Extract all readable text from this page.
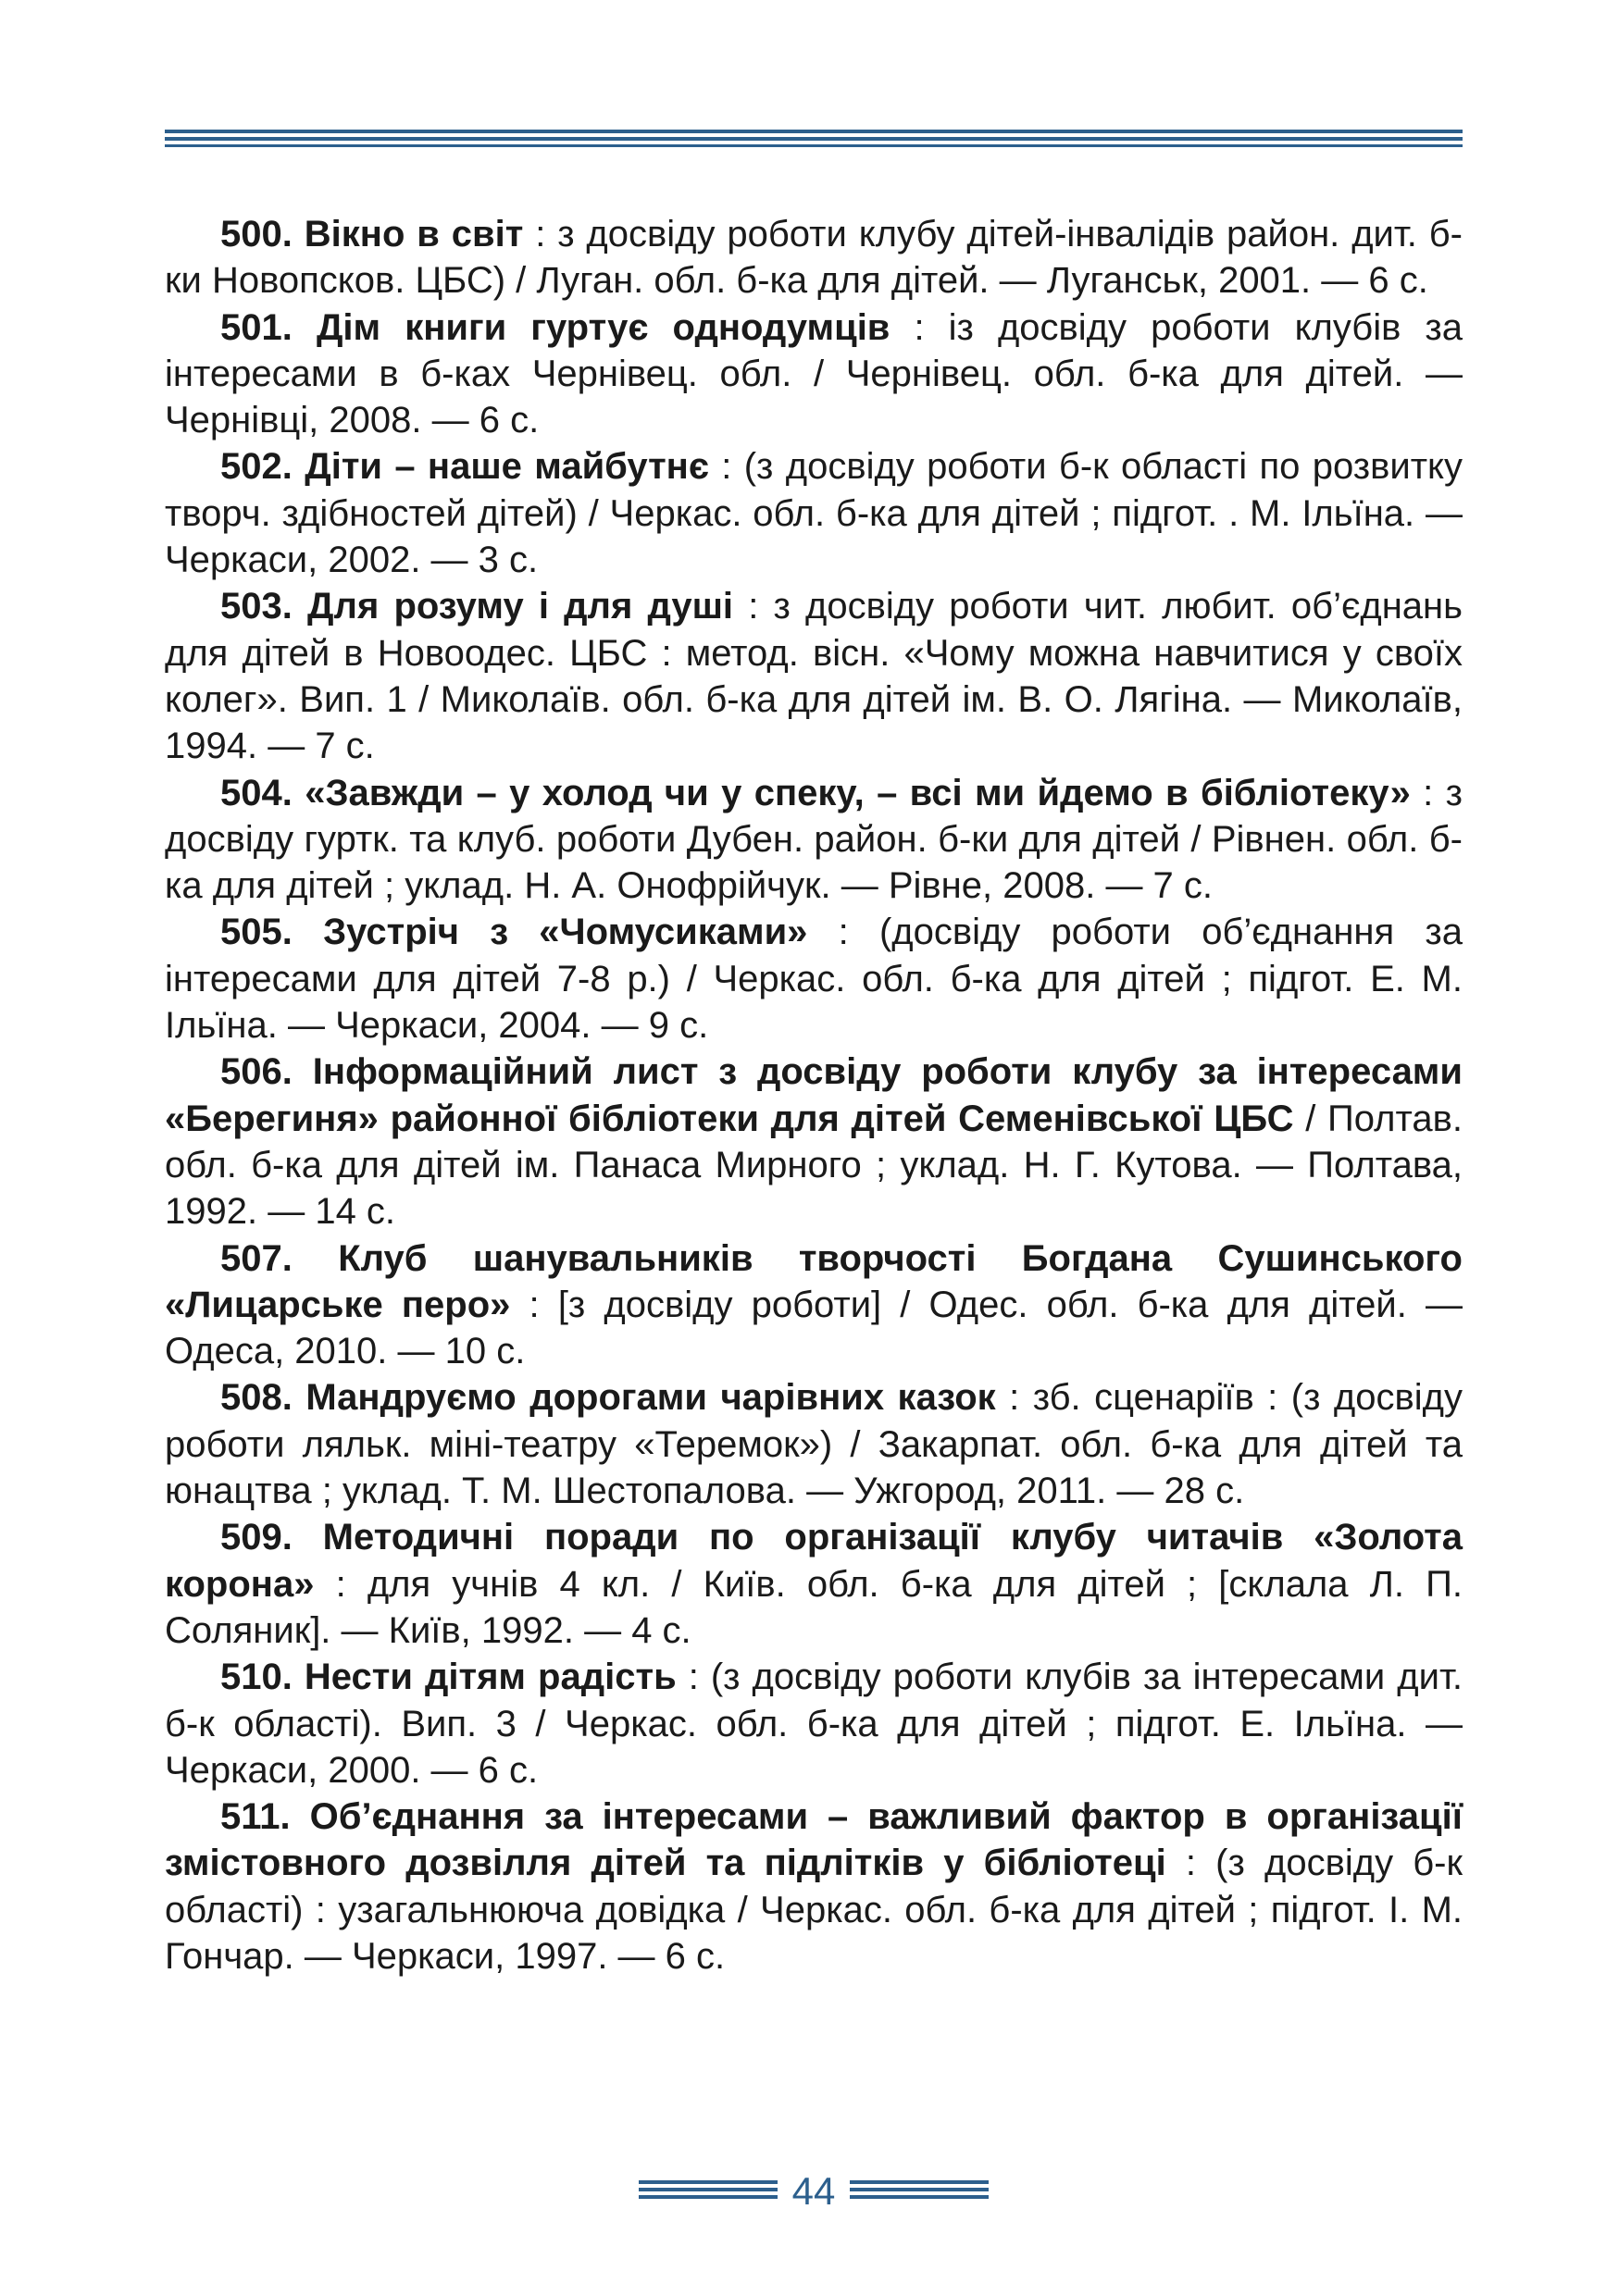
500. Вікно в світ : з досвіду роботи клубу дітей-інвалідів район. дит. б-ки Новопсков. ЦБС) / Луган. обл. б-ка для дітей. — Луганськ, 2001. — 6 с.

501. Дім книги гуртує однодумців : із досвіду роботи клубів за інтересами в б-ках Чернівец. обл. / Чернівец. обл. б-ка для дітей. — Чернівці, 2008. — 6 с.

502. Діти – наше майбутнє : (з досвіду роботи б-к області по розвитку творч. здібностей дітей) / Черкас. обл. б-ка для дітей ; підгот. . М. Ільїна. — Черкаси, 2002. — 3 с.

503. Для розуму і для душі : з досвіду роботи чит. любит. об’єднань для дітей в Новоодес. ЦБС : метод. вісн. «Чому можна навчитися у своїх колег». Вип. 1 / Миколаїв. обл. б-ка для дітей ім. В. О. Лягіна. — Миколаїв, 1994. — 7 с.

504. «Завжди – у холод чи у спеку, – всі ми йдемо в бібліотеку» : з досвіду гуртк. та клуб. роботи Дубен. район. б-ки для дітей / Рівнен. обл. б-ка для дітей ; уклад. Н. А. Онофрійчук. — Рівне, 2008. — 7 с.

505. Зустріч з «Чомусиками» : (досвіду роботи об’єднання за інтересами для дітей 7-8 р.) / Черкас. обл. б-ка для дітей ; підгот. Е. М. Ільїна. — Черкаси, 2004. — 9 с.

506. Інформаційний лист з досвіду роботи клубу за інтересами «Берегиня» районної бібліотеки для дітей Семенівської ЦБС / Полтав. обл. б-ка для дітей ім. Панаса Мирного ; уклад. Н. Г. Кутова. — Полтава, 1992. — 14 с.

507. Клуб шанувальників творчості Богдана Сушинського «Лицарське перо» : [з досвіду роботи] / Одес. обл. б-ка для дітей. — Одеса, 2010. — 10 с.

508. Мандруємо дорогами чарівних казок : зб. сценаріїв : (з досвіду роботи ляльк. міні-театру «Теремок») / Закарпат. обл. б-ка для дітей та юнацтва ; уклад. Т. М. Шестопалова. — Ужгород, 2011. — 28 с.

509. Методичні поради по організації клубу читачів «Золота корона» : для учнів 4 кл. / Київ. обл. б-ка для дітей ; [склала Л. П. Соляник]. — Київ, 1992. — 4 с.

510. Нести дітям радість : (з досвіду роботи клубів за інтересами дит. б-к області). Вип. 3 / Черкас. обл. б-ка для дітей ; підгот. Е. Ільїна. — Черкаси, 2000. — 6 с.

511. Об’єднання за інтересами – важливий фактор в організації змістовного дозвілля дітей та підлітків у бібліотеці : (з досвіду б-к області) : узагальнююча довідка / Черкас. обл. б-ка для дітей ; підгот. І. М. Гончар. — Черкаси, 1997. — 6 с.

44
